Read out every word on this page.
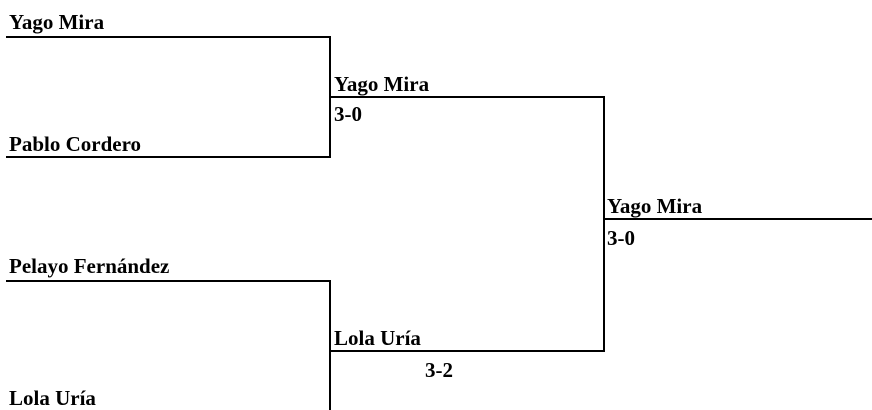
Yago Mira
Pablo Cordero
Pelayo Fernández
Lola Uría
Yago Mira
3-0
Lola Uría
3-2
Yago Mira
3-0
